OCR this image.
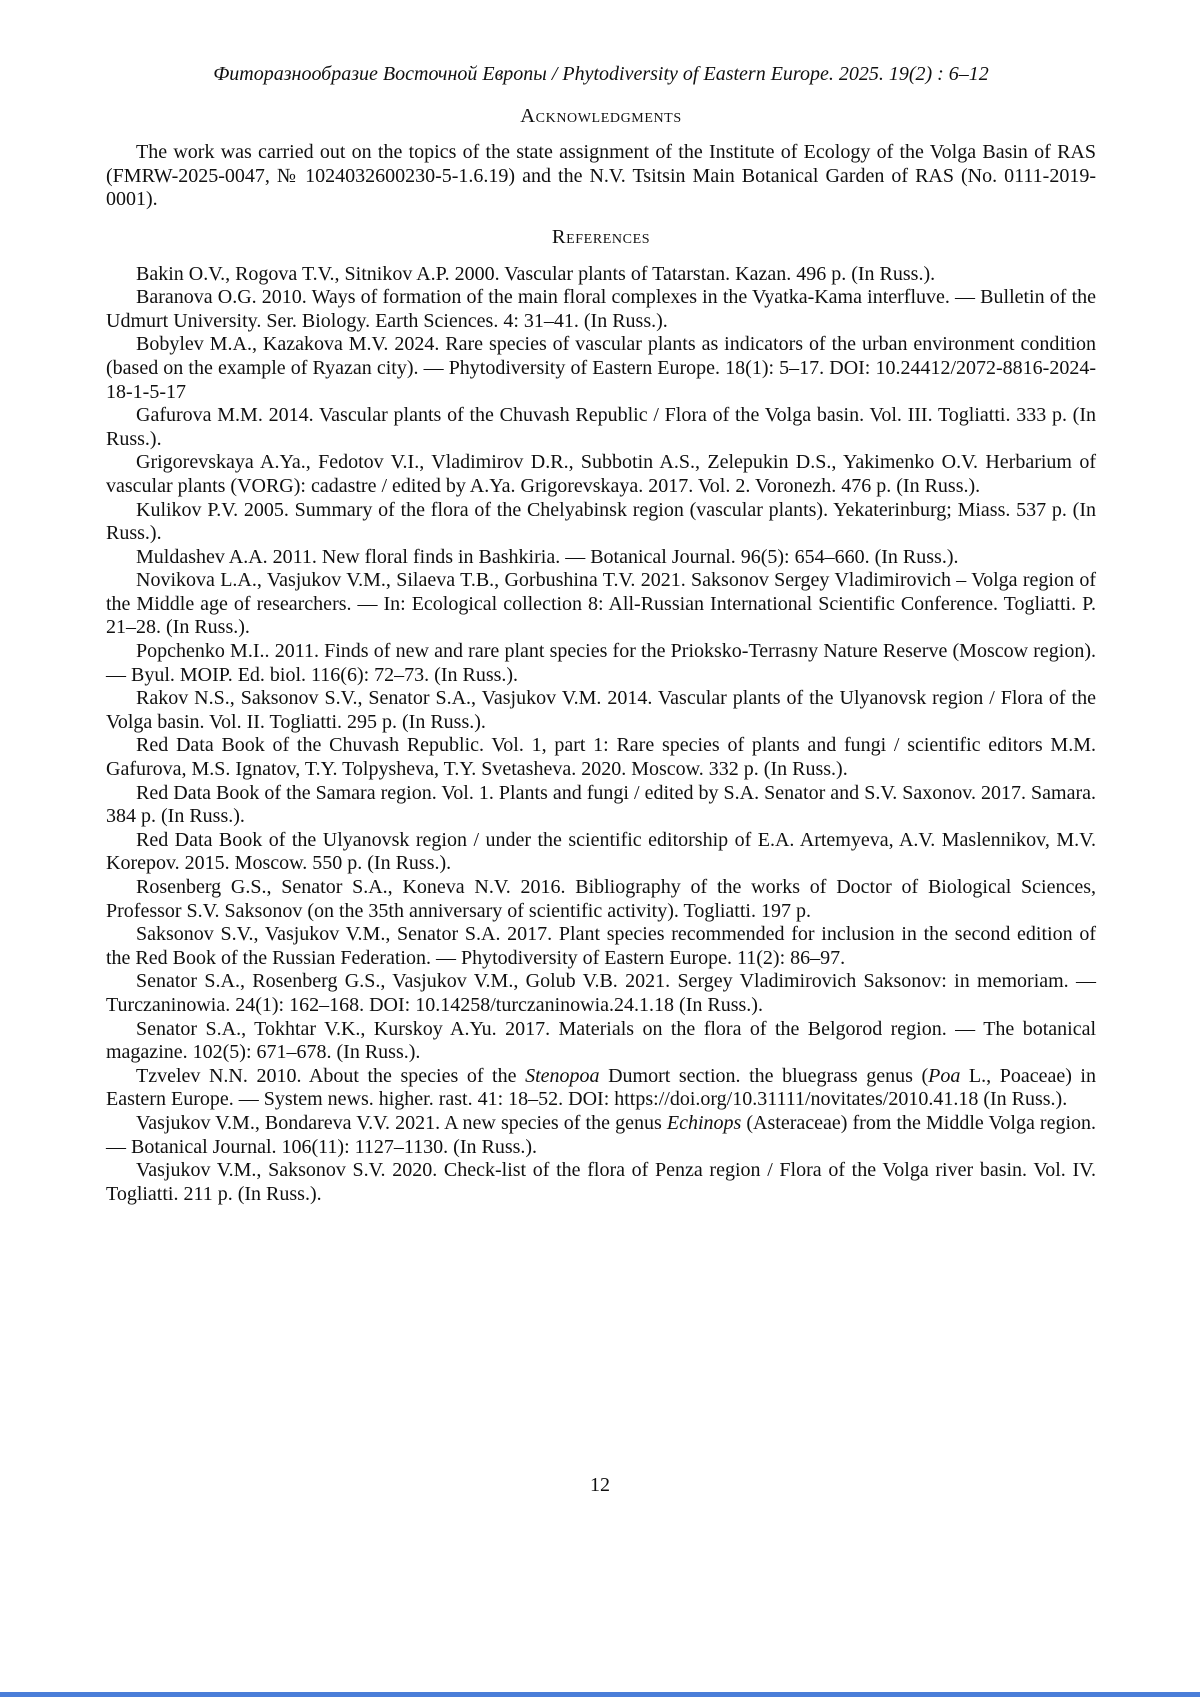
Фиторазнообразие Восточной Европы / Phytodiversity of Eastern Europe. 2025. 19(2) : 6–12
Acknowledgments

The work was carried out on the topics of the state assignment of the Institute of Ecology of the Volga Basin of RAS (FMRW-2025-0047, № 1024032600230-5-1.6.19) and the N.V. Tsitsin Main Botanical Garden of RAS (No. 0111-2019-0001).

References

Bakin O.V., Rogova T.V., Sitnikov A.P. 2000. Vascular plants of Tatarstan. Kazan. 496 p. (In Russ.).

Baranova O.G. 2010. Ways of formation of the main floral complexes in the Vyatka-Kama interfluve. — Bulletin of the Udmurt University. Ser. Biology. Earth Sciences. 4: 31–41. (In Russ.).

Bobylev M.A., Kazakova M.V. 2024. Rare species of vascular plants as indicators of the urban environment condition (based on the example of Ryazan city). — Phytodiversity of Eastern Europe. 18(1): 5–17. DOI: 10.24412/2072-8816-2024-18-1-5-17

Gafurova M.M. 2014. Vascular plants of the Chuvash Republic / Flora of the Volga basin. Vol. III. Togliatti. 333 p. (In Russ.).

Grigorevskaya A.Ya., Fedotov V.I., Vladimirov D.R., Subbotin A.S., Zelepukin D.S., Yakimenko O.V. Herbarium of vascular plants (VORG): cadastre / edited by A.Ya. Grigorevskaya. 2017. Vol. 2. Voronezh. 476 p. (In Russ.).

Kulikov P.V. 2005. Summary of the flora of the Chelyabinsk region (vascular plants). Yekaterinburg; Miass. 537 p. (In Russ.).

Muldashev A.A. 2011. New floral finds in Bashkiria. — Botanical Journal. 96(5): 654–660. (In Russ.).

Novikova L.A., Vasjukov V.M., Silaeva T.B., Gorbushina T.V. 2021. Saksonov Sergey Vladimirovich – Volga region of the Middle age of researchers. — In: Ecological collection 8: All-Russian International Scientific Conference. Togliatti. P. 21–28. (In Russ.).

Popchenko M.I.. 2011. Finds of new and rare plant species for the Prioksko-Terrasny Nature Reserve (Moscow region). — Byul. MOIP. Ed. biol. 116(6): 72–73. (In Russ.).

Rakov N.S., Saksonov S.V., Senator S.A., Vasjukov V.M. 2014. Vascular plants of the Ulyanovsk region / Flora of the Volga basin. Vol. II. Togliatti. 295 p. (In Russ.).

Red Data Book of the Chuvash Republic. Vol. 1, part 1: Rare species of plants and fungi / scientific editors M.M. Gafurova, M.S. Ignatov, T.Y. Tolpysheva, T.Y. Svetasheva. 2020. Moscow. 332 p. (In Russ.).

Red Data Book of the Samara region. Vol. 1. Plants and fungi / edited by S.A. Senator and S.V. Saxonov. 2017. Samara. 384 p. (In Russ.).

Red Data Book of the Ulyanovsk region / under the scientific editorship of E.A. Artemyeva, A.V. Maslennikov, M.V. Korepov. 2015. Moscow. 550 p. (In Russ.).

Rosenberg G.S., Senator S.A., Koneva N.V. 2016. Bibliography of the works of Doctor of Biological Sciences, Professor S.V. Saksonov (on the 35th anniversary of scientific activity). Togliatti. 197 p.

Saksonov S.V., Vasjukov V.M., Senator S.A. 2017. Plant species recommended for inclusion in the second edition of the Red Book of the Russian Federation. — Phytodiversity of Eastern Europe. 11(2): 86–97.

Senator S.A., Rosenberg G.S., Vasjukov V.M., Golub V.B. 2021. Sergey Vladimirovich Saksonov: in memoriam. — Turczaninowia. 24(1): 162–168. DOI: 10.14258/turczaninowia.24.1.18 (In Russ.).

Senator S.A., Tokhtar V.K., Kurskoy A.Yu. 2017. Materials on the flora of the Belgorod region. — The botanical magazine. 102(5): 671–678. (In Russ.).

Tzvelev N.N. 2010. About the species of the Stenopoa Dumort section. the bluegrass genus (Poa L., Poaceae) in Eastern Europe. — System news. higher. rast. 41: 18–52. DOI: https://doi.org/10.31111/novitates/2010.41.18 (In Russ.).

Vasjukov V.M., Bondareva V.V. 2021. A new species of the genus Echinops (Asteraceae) from the Middle Volga region. — Botanical Journal. 106(11): 1127–1130. (In Russ.).

Vasjukov V.M., Saksonov S.V. 2020. Check-list of the flora of Penza region / Flora of the Volga river basin. Vol. IV. Togliatti. 211 p. (In Russ.).

12
